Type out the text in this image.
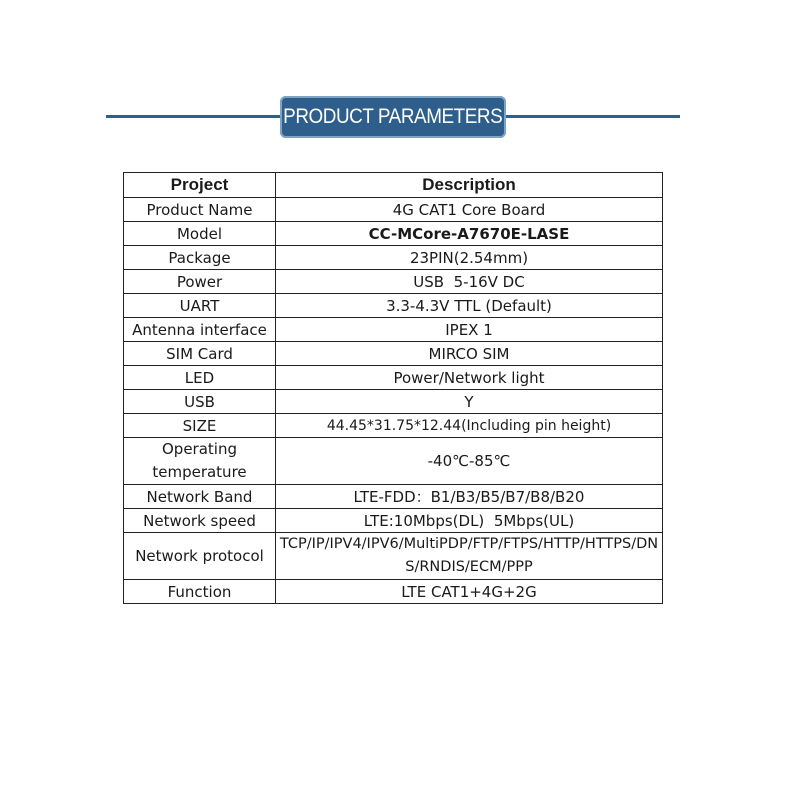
PRODUCT PARAMETERS
Project	Description
Product Name	4G CAT1 Core Board
Model	CC-MCore-A7670E-LASE
Package	23PIN(2.54mm)
Power	USB  5-16V DC
UART	3.3-4.3V TTL (Default)
Antenna interface	IPEX 1
SIM Card	MIRCO SIM
LED	Power/Network light
USB	Y
SIZE	44.45*31.75*12.44(Including pin height)
Operating temperature	-40℃-85℃
Network Band	LTE-FDD：B1/B3/B5/B7/B8/B20
Network speed	LTE:10Mbps(DL)  5Mbps(UL)
Network protocol	TCP/IP/IPV4/IPV6/MultiPDP/FTP/FTPS/HTTP/HTTPS/DNS/RNDIS/ECM/PPP
Function	LTE CAT1+4G+2G
